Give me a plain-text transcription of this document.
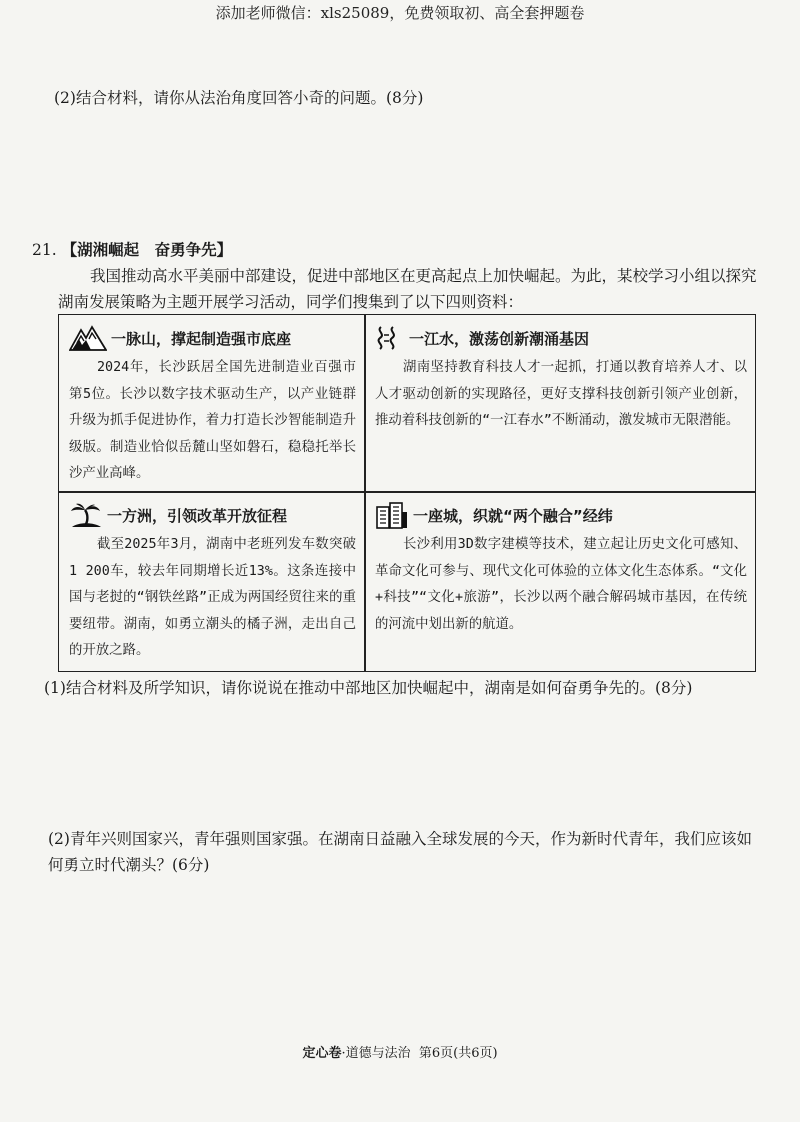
添加老师微信：xls25089，免费领取初、高全套押题卷
(2)结合材料，请你从法治角度回答小奇的问题。(8分)
21. 【湖湘崛起　奋勇争先】
我国推动高水平美丽中部建设，促进中部地区在更高起点上加快崛起。为此，某校学习小组以探究湖南发展策略为主题开展学习活动，同学们搜集到了以下四则资料：
一脉山，撑起制造强市底座
2024年，长沙跃居全国先进制造业百强市第5位。长沙以数字技术驱动生产，以产业链群升级为抓手促进协作，着力打造长沙智能制造升级版。制造业恰似岳麓山坚如磐石，稳稳托举长沙产业高峰。
一江水，激荡创新潮涌基因
湖南坚持教育科技人才一起抓，打通以教育培养人才、以人才驱动创新的实现路径，更好支撑科技创新引领产业创新，推动着科技创新的“一江春水”不断涌动，激发城市无限潜能。
一方洲，引领改革开放征程
截至2025年3月，湖南中老班列发车数突破1 200车，较去年同期增长近13%。这条连接中国与老挝的“钢铁丝路”正成为两国经贸往来的重要纽带。湖南，如勇立潮头的橘子洲，走出自己的开放之路。
一座城，织就“两个融合”经纬
长沙利用3D数字建模等技术，建立起让历史文化可感知、革命文化可参与、现代文化可体验的立体文化生态体系。“文化+科技”“文化+旅游”，长沙以两个融合解码城市基因，在传统的河流中划出新的航道。
(1)结合材料及所学知识，请你说说在推动中部地区加快崛起中，湖南是如何奋勇争先的。(8分)
(2)青年兴则国家兴，青年强则国家强。在湖南日益融入全球发展的今天，作为新时代青年，我们应该如何勇立时代潮头？(6分)
定心卷·道德与法治 第6页(共6页)
